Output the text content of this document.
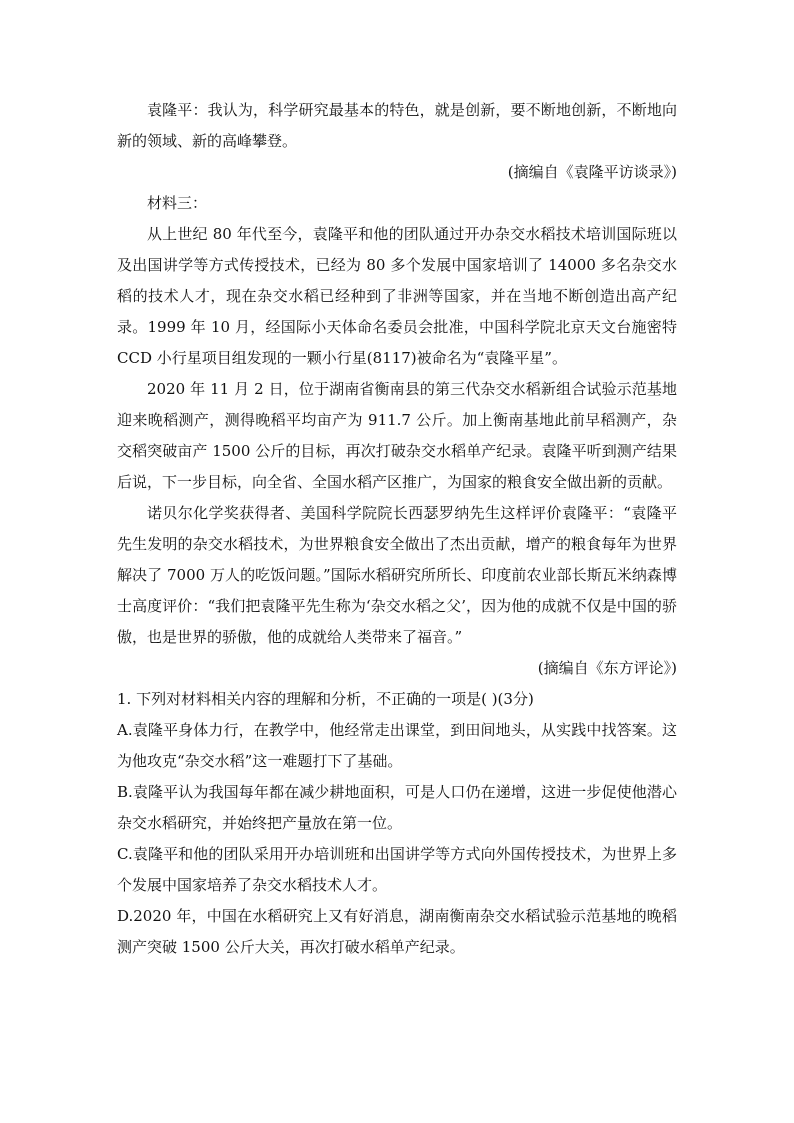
袁隆平：我认为，科学研究最基本的特色，就是创新，要不断地创新，不断地向新的领域、新的高峰攀登。

(摘编自《袁隆平访谈录》)

材料三：

从上世纪 80 年代至今，袁隆平和他的团队通过开办杂交水稻技术培训国际班以及出国讲学等方式传授技术，已经为 80 多个发展中国家培训了 14000 多名杂交水稻的技术人才，现在杂交水稻已经种到了非洲等国家，并在当地不断创造出高产纪录。1999 年 10 月，经国际小天体命名委员会批准，中国科学院北京天文台施密特 CCD 小行星项目组发现的一颗小行星(8117)被命名为“袁隆平星”。

2020 年 11 月 2 日，位于湖南省衡南县的第三代杂交水稻新组合试验示范基地迎来晚稻测产，测得晚稻平均亩产为 911.7 公斤。加上衡南基地此前早稻测产，杂交稻突破亩产 1500 公斤的目标，再次打破杂交水稻单产纪录。袁隆平听到测产结果后说，下一步目标，向全省、全国水稻产区推广，为国家的粮食安全做出新的贡献。

诺贝尔化学奖获得者、美国科学院院长西瑟罗纳先生这样评价袁隆平：“袁隆平先生发明的杂交水稻技术，为世界粮食安全做出了杰出贡献，增产的粮食每年为世界解决了 7000 万人的吃饭问题。”国际水稻研究所所长、印度前农业部长斯瓦米纳森博士高度评价：“我们把袁隆平先生称为‘杂交水稻之父’，因为他的成就不仅是中国的骄傲，也是世界的骄傲，他的成就给人类带来了福音。”

(摘编自《东方评论》)

1. 下列对材料相关内容的理解和分析，不正确的一项是( )(3分)

A.袁隆平身体力行，在教学中，他经常走出课堂，到田间地头，从实践中找答案。这为他攻克“杂交水稻”这一难题打下了基础。

B.袁隆平认为我国每年都在减少耕地面积，可是人口仍在递增，这进一步促使他潜心杂交水稻研究，并始终把产量放在第一位。

C.袁隆平和他的团队采用开办培训班和出国讲学等方式向外国传授技术，为世界上多个发展中国家培养了杂交水稻技术人才。

D.2020 年，中国在水稻研究上又有好消息，湖南衡南杂交水稻试验示范基地的晚稻测产突破 1500 公斤大关，再次打破水稻单产纪录。
